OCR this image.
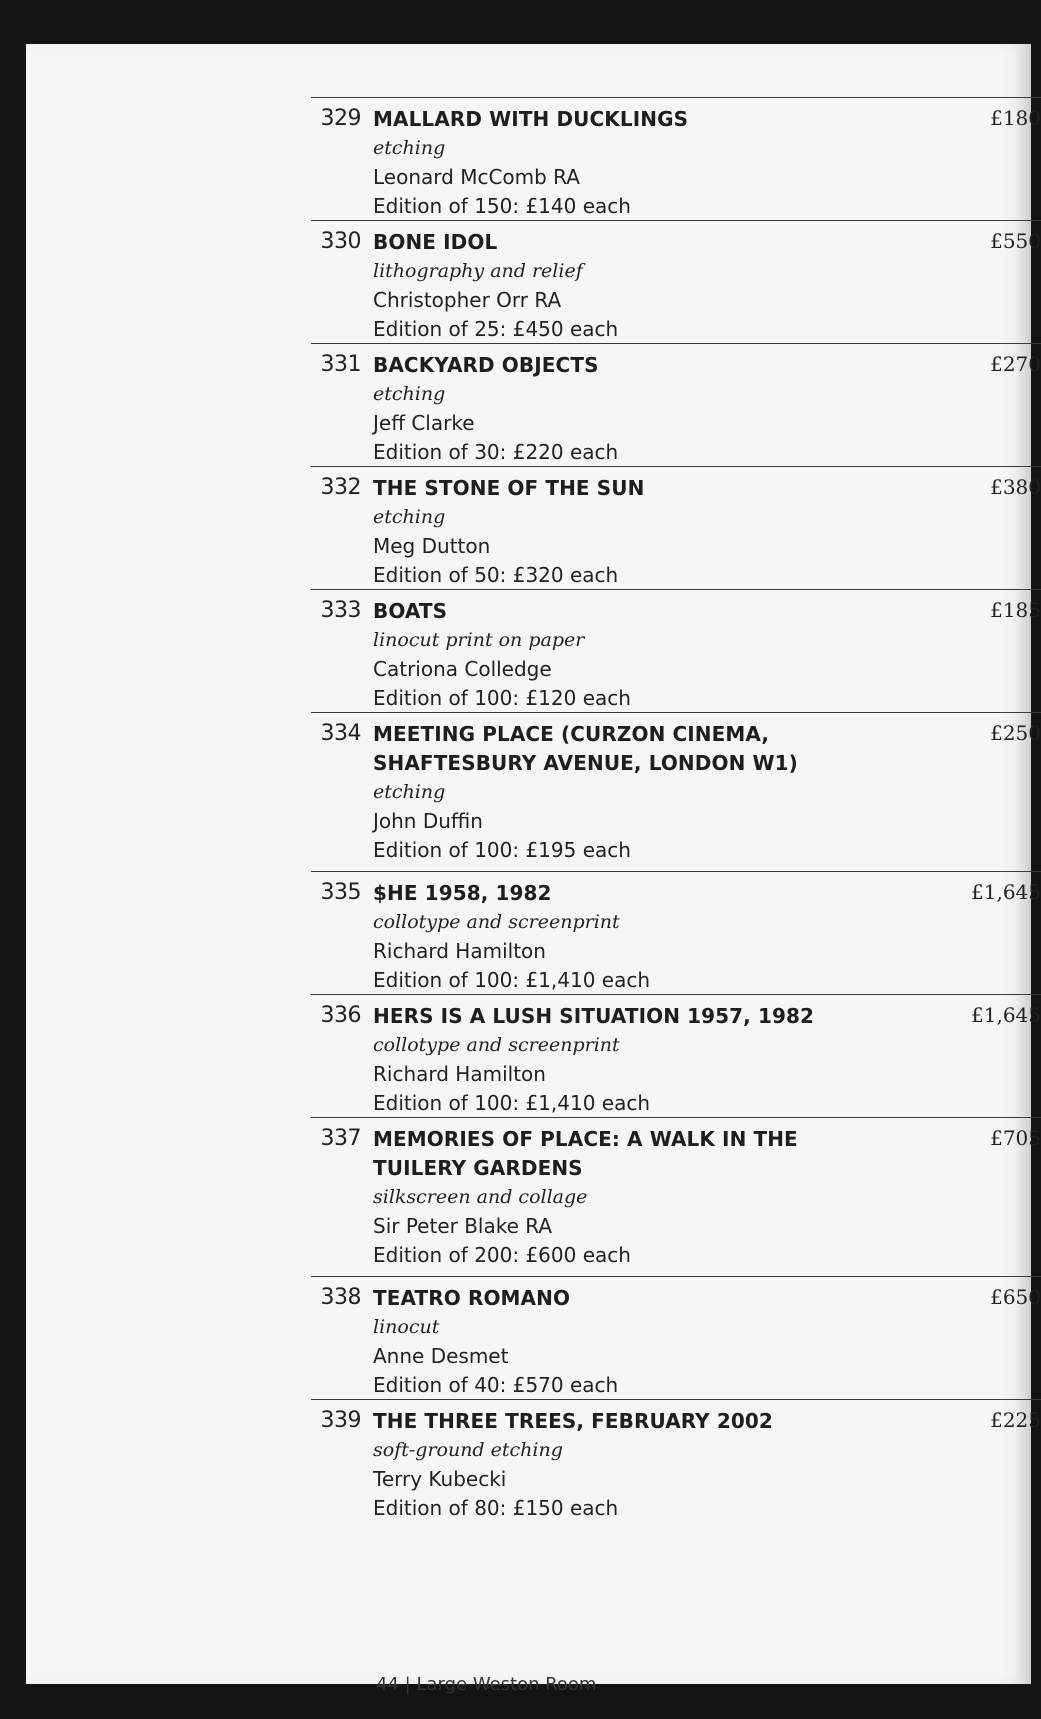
329 MALLARD WITH DUCKLINGS
etching
Leonard McComb RA
Edition of 150: £140 each
£180
330 BONE IDOL
lithography and relief
Christopher Orr RA
Edition of 25: £450 each
£550
331 BACKYARD OBJECTS
etching
Jeff Clarke
Edition of 30: £220 each
£270
332 THE STONE OF THE SUN
etching
Meg Dutton
Edition of 50: £320 each
£380
333 BOATS
linocut print on paper
Catriona Colledge
Edition of 100: £120 each
£185
334 MEETING PLACE (CURZON CINEMA, SHAFTESBURY AVENUE, LONDON W1)
etching
John Duffin
Edition of 100: £195 each
£250
335 $HE 1958, 1982
collotype and screenprint
Richard Hamilton
Edition of 100: £1,410 each
£1,645
336 HERS IS A LUSH SITUATION 1957, 1982
collotype and screenprint
Richard Hamilton
Edition of 100: £1,410 each
£1,645
337 MEMORIES OF PLACE: A WALK IN THE TUILERY GARDENS
silkscreen and collage
Sir Peter Blake RA
Edition of 200: £600 each
£705
338 TEATRO ROMANO
linocut
Anne Desmet
Edition of 40: £570 each
£650
339 THE THREE TREES, FEBRUARY 2002
soft-ground etching
Terry Kubecki
Edition of 80: £150 each
£225
44 | Large Weston Room
